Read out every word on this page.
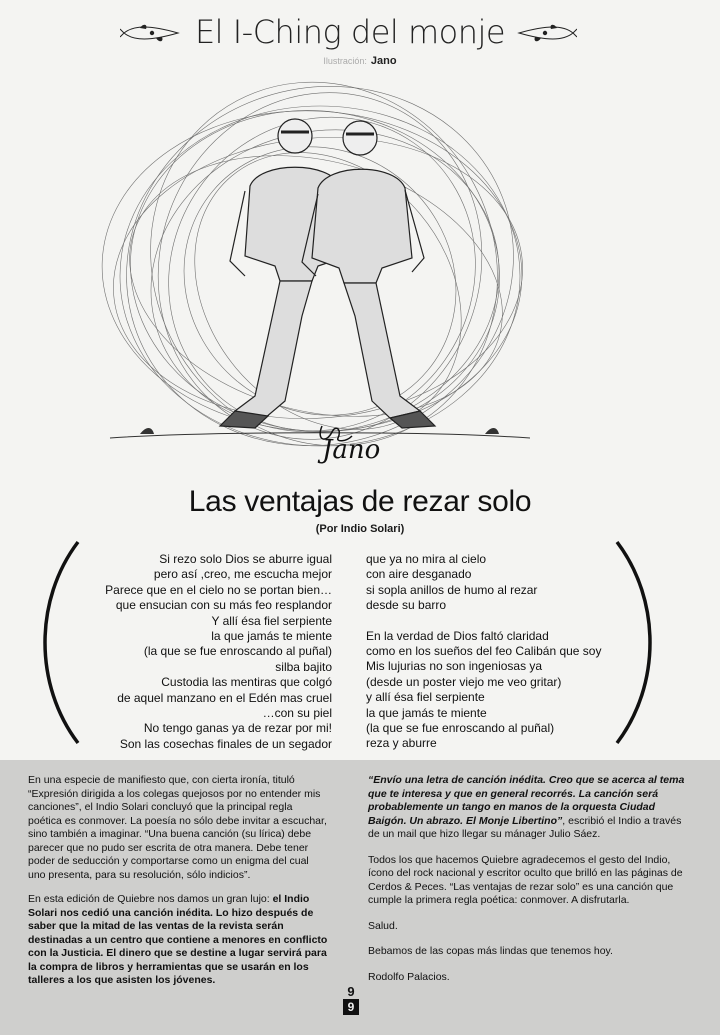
El I-Ching del monje
Ilustración: Jano
Jano
Las ventajas de rezar solo
(Por Indio Solari)
Si rezo solo Dios se aburre igual
pero así ,creo, me escucha mejor
Parece que en el cielo no se portan bien…
que ensucian con su más feo resplandor
Y allí ésa fiel serpiente
la que jamás te miente
(la que se fue enroscando al puñal)
silba bajito
Custodia las mentiras que colgó
de aquel manzano en el Edén mas cruel
…con su piel
No tengo ganas ya de rezar por mi!
Son las cosechas finales de un segador
que ya no mira al cielo
con aire desganado
si sopla anillos de humo al rezar
desde su barro
En la verdad de Dios faltó claridad
como en los sueños del feo Calibán que soy
Mis lujurias no son ingeniosas ya
(desde un poster viejo me veo gritar)
y allí ésa fiel serpiente
la que jamás te miente
(la que se fue enroscando al puñal)
reza y aburre

En una especie de manifiesto que, con cierta ironía, tituló “Expresión dirigida a los colegas quejosos por no entender mis canciones”, el Indio Solari concluyó que la principal regla poética es conmover. La poesía no sólo debe invitar a escuchar, sino también a imaginar. “Una buena canción (su lírica) debe parecer que no pudo ser escrita de otra manera. Debe tener poder de seducción y comportarse como un enigma del cual uno presenta, para su resolución, sólo indicios”.

En esta edición de Quiebre nos damos un gran lujo: el Indio Solari nos cedió una canción inédita. Lo hizo después de saber que la mitad de las ventas de la revista serán destinadas a un centro que contiene a menores en conflicto con la Justicia. El dinero que se destine a lugar servirá para la compra de libros y herramientas que se usarán en los talleres a los que asisten los jóvenes.

“Envío una letra de canción inédita. Creo que se acerca al tema que te interesa y que en general recorrés. La canción será probablemente un tango en manos de la orquesta Ciudad Baigón. Un abrazo. El Monje Libertino”, escribió el Indio a través de un mail que hizo llegar su mánager Julio Sáez.

Todos los que hacemos Quiebre agradecemos el gesto del Indio, ícono del rock nacional y escritor oculto que brilló en las páginas de Cerdos & Peces. “Las ventajas de rezar solo” es una canción que cumple la primera regla poética: conmover. A disfrutarla.

Salud.

Bebamos de las copas más lindas que tenemos hoy.

Rodolfo Palacios.

9
9
